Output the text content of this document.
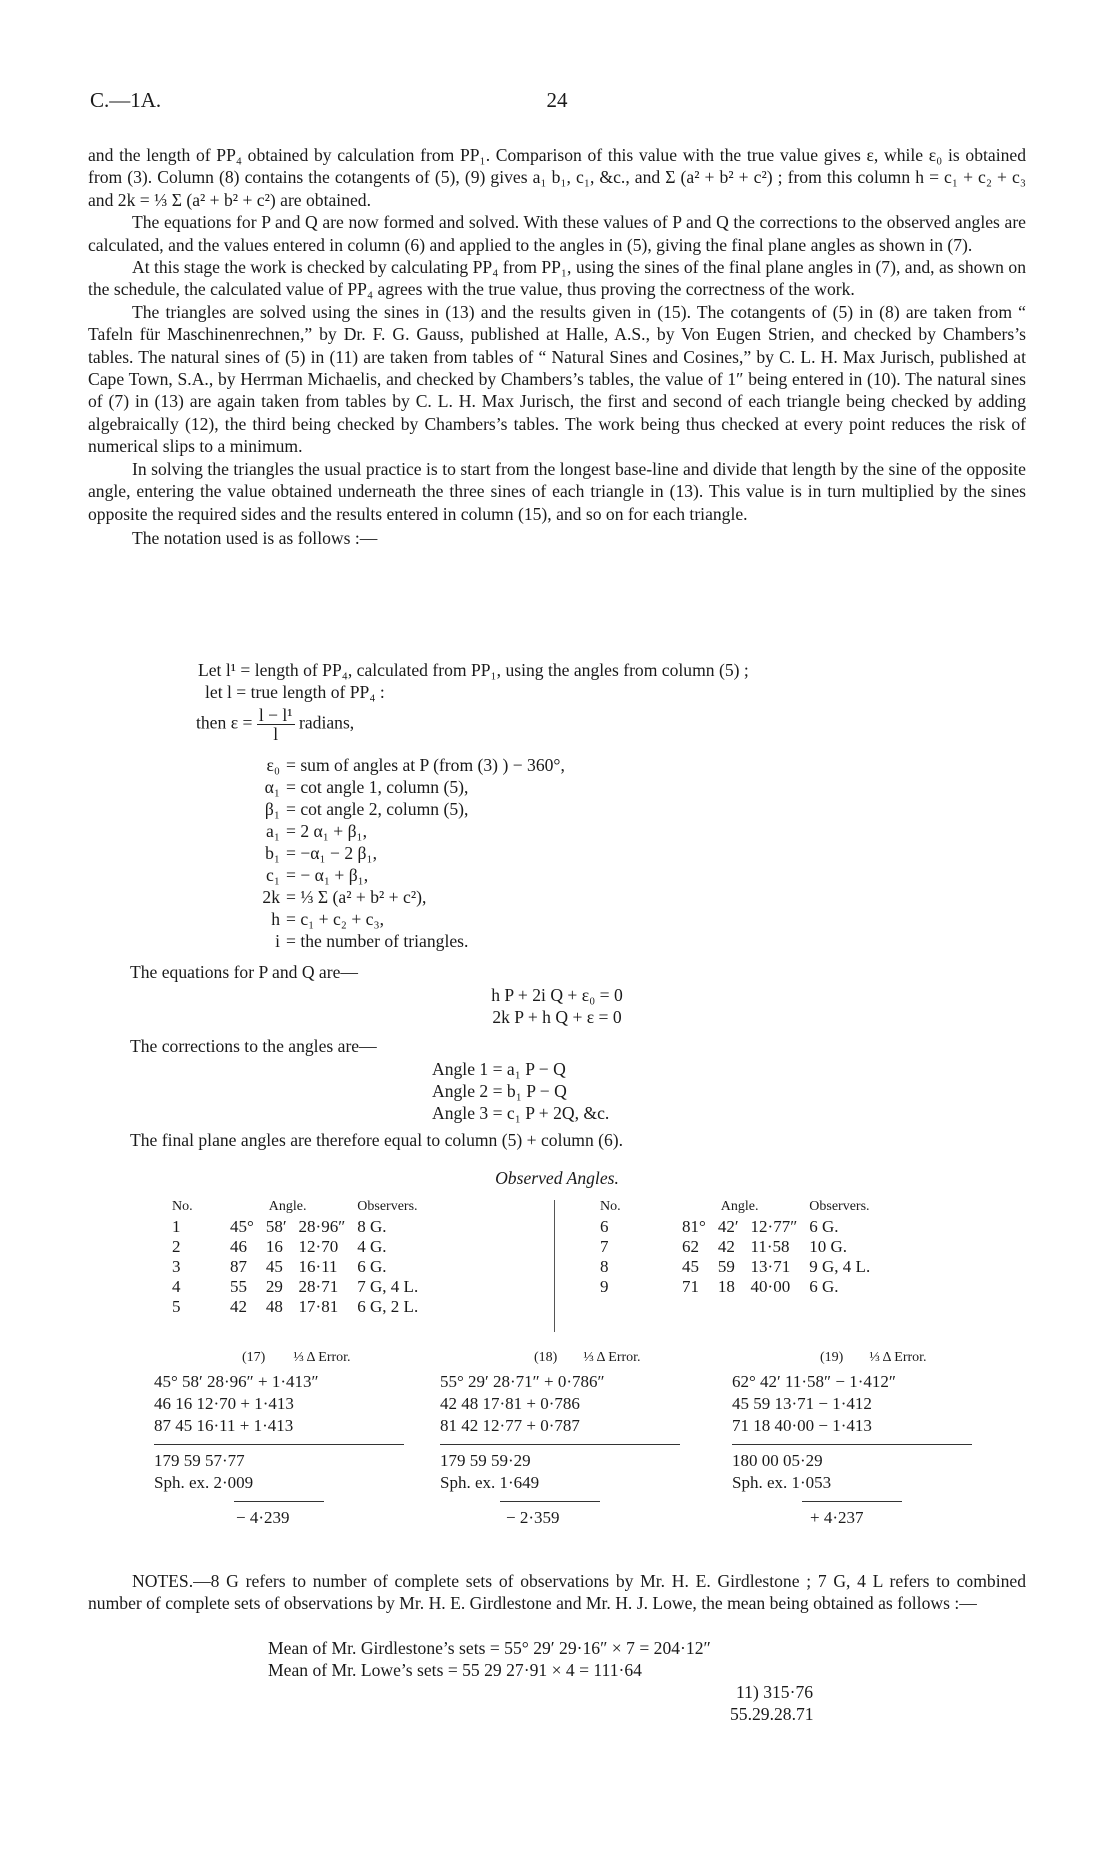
C.—1A.	24

and the length of PP₄ obtained by calculation from PP₁. Comparison of this value with the true value gives ε, while ε₀ is obtained from (3). Column (8) contains the cotangents of (5), (9) gives a₁ b₁, c₁, &c., and Σ (a² + b² + c²) ; from this column h = c₁ + c₂ + c₃ and 2k = ⅓ Σ (a² + b² + c²) are obtained.

The equations for P and Q are now formed and solved. With these values of P and Q the corrections to the observed angles are calculated, and the values entered in column (6) and applied to the angles in (5), giving the final plane angles as shown in (7).

At this stage the work is checked by calculating PP₄ from PP₁, using the sines of the final plane angles in (7), and, as shown on the schedule, the calculated value of PP₄ agrees with the true value, thus proving the correctness of the work.

The triangles are solved using the sines in (13) and the results given in (15). The cotangents of (5) in (8) are taken from “ Tafeln für Maschinenrechnen,” by Dr. F. G. Gauss, published at Halle, A.S., by Von Eugen Strien, and checked by Chambers’s tables. The natural sines of (5) in (11) are taken from tables of “ Natural Sines and Cosines,” by C. L. H. Max Jurisch, published at Cape Town, S.A., by Herrman Michaelis, and checked by Chambers’s tables, the value of 1″ being entered in (10). The natural sines of (7) in (13) are again taken from tables by C. L. H. Max Jurisch, the first and second of each triangle being checked by adding algebraically (12), the third being checked by Chambers’s tables. The work being thus checked at every point reduces the risk of numerical slips to a minimum.

In solving the triangles the usual practice is to start from the longest base-line and divide that length by the sine of the opposite angle, entering the value obtained underneath the three sines of each triangle in (13). This value is in turn multiplied by the sines opposite the required sides and the results entered in column (15), and so on for each triangle.

The notation used is as follows :—

Let l¹ = length of PP₄, calculated from PP₁, using the angles from column (5) ;
let l = true length of PP₄ :
then $\varepsilon = \frac{\text{l − l¹}}{l}$ radians,
ε₀ = sum of angles at P (from (3) ) − 360°,
α₁ = cot angle 1, column (5),
β₁ = cot angle 2, column (5),
a₁ = 2 α₁ + β₁,
b₁ = −α₁ − 2 β₁,
c₁ = − α₁ + β₁,
2k = ⅓ Σ (a² + b² + c²),
h = c₁ + c₂ + c₃,
i = the number of triangles.
The equations for P and Q are—
h P + 2i Q + ε₀ = 0
2k P + h Q + ε = 0
The corrections to the angles are—
Angle 1 = a₁ P − Q
Angle 2 = b₁ P − Q
Angle 3 = c₁ P + 2Q, &c.
The final plane angles are therefore equal to column (5) + column (6).
Observed Angles.
No.	Angle.			Observers.
1	45°	58′	28·96″	8 G.
2	46	16	12·70	4 G.
3	87	45	16·11	6 G.
4	55	29	28·71	7 G, 4 L.
5	42	48	17·81	6 G, 2 L.
No.	Angle.			Observers.
6	81°	42′	12·77″	6 G.
7	62	42	11·58	10 G.
8	45	59	13·71	9 G, 4 L.
9	71	18	40·00	6 G.
(17) ⅓ Δ Error.
45° 58′ 28·96″ + 1·413″
46 16 12·70 + 1·413
87 45 16·11 + 1·413
179 59 57·77
Sph. ex. 2·009
− 4·239
(18) ⅓ Δ Error.
55° 29′ 28·71″ + 0·786″
42 48 17·81 + 0·786
81 42 12·77 + 0·787
179 59 59·29
Sph. ex. 1·649
− 2·359
(19) ⅓ Δ Error.
62° 42′ 11·58″ − 1·412″
45 59 13·71 − 1·412
71 18 40·00 − 1·413
180 00 05·29
Sph. ex. 1·053
+ 4·237

NOTES.—8 G refers to number of complete sets of observations by Mr. H. E. Girdlestone ; 7 G, 4 L refers to combined number of complete sets of observations by Mr. H. E. Girdlestone and Mr. H. J. Lowe, the mean being obtained as follows :—

Mean of Mr. Girdlestone’s sets = 55° 29′ 29·16″ × 7 = 204·12″
Mean of Mr. Lowe’s sets = 55 29 27·91 × 4 = 111·64
11) 315·76
55.29.28.71
